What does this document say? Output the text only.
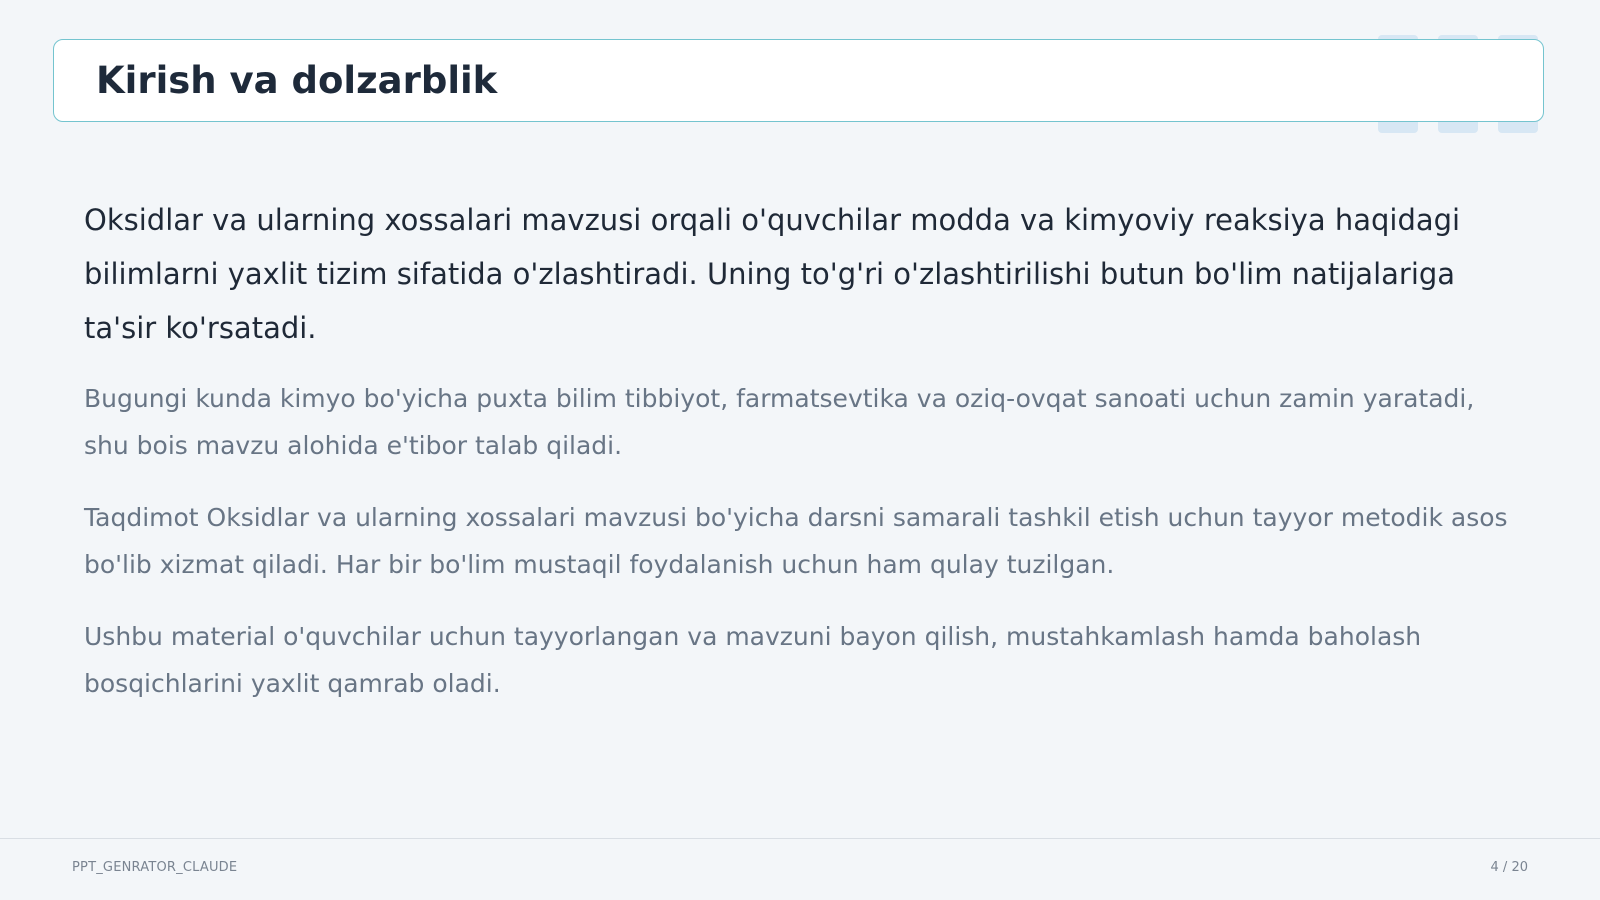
Kirish va dolzarblik

Oksidlar va ularning xossalari mavzusi orqali o'quvchilar modda va kimyoviy reaksiya haqidagi bilimlarni yaxlit tizim sifatida o'zlashtiradi. Uning to'g'ri o'zlashtirilishi butun bo'lim natijalariga ta'sir ko'rsatadi.

Bugungi kunda kimyo bo'yicha puxta bilim tibbiyot, farmatsevtika va oziq-ovqat sanoati uchun zamin yaratadi, shu bois mavzu alohida e'tibor talab qiladi.

Taqdimot Oksidlar va ularning xossalari mavzusi bo'yicha darsni samarali tashkil etish uchun tayyor metodik asos bo'lib xizmat qiladi. Har bir bo'lim mustaqil foydalanish uchun ham qulay tuzilgan.

Ushbu material o'quvchilar uchun tayyorlangan va mavzuni bayon qilish, mustahkamlash hamda baholash bosqichlarini yaxlit qamrab oladi.

PPT_GENRATOR_CLAUDE	4 / 20
